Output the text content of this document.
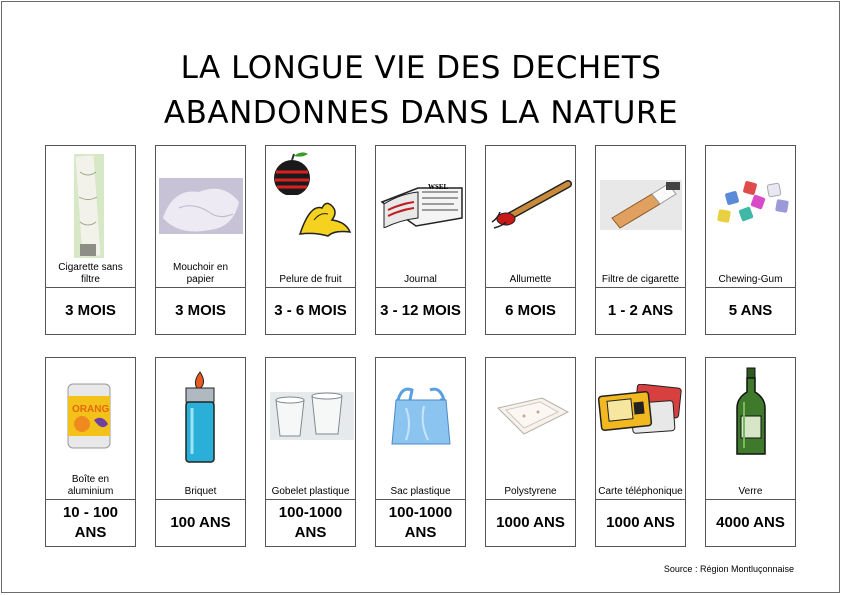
LA LONGUE VIE DES DECHETS
ABANDONNES DANS LA NATURE
Cigarette sans filtre
3 MOIS
Mouchoir en papier
3 MOIS
Pelure de fruit
3 - 6 MOIS
WSEL
Journal
3 - 12 MOIS
Allumette
6 MOIS
Filtre de cigarette
1 - 2 ANS
Chewing-Gum
5 ANS
ORANG
Boîte en aluminium
10 - 100 ANS
Briquet
100 ANS
Gobelet plastique
100-1000 ANS
Sac plastique
100-1000 ANS
Polystyrene
1000 ANS
Carte téléphonique
1000 ANS
Verre
4000 ANS
Source : Région Montluçonnaise
